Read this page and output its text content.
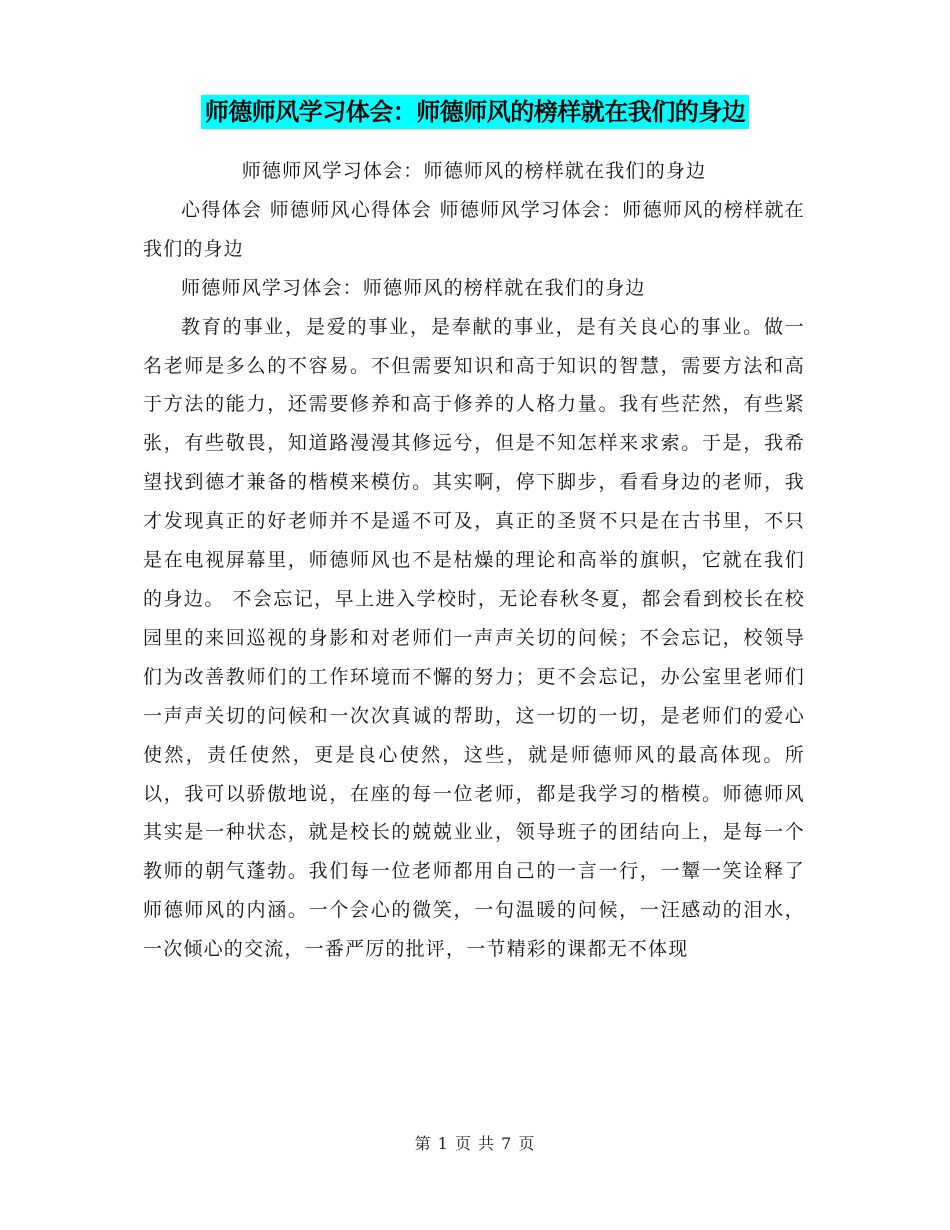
师德师风学习体会：师德师风的榜样就在我们的身边

师德师风学习体会：师德师风的榜样就在我们的身边

心得体会 师德师风心得体会 师德师风学习体会：师德师风的榜样就在我们的身边

师德师风学习体会：师德师风的榜样就在我们的身边

教育的事业，是爱的事业，是奉献的事业，是有关良心的事业。做一名老师是多么的不容易。不但需要知识和高于知识的智慧，需要方法和高于方法的能力，还需要修养和高于修养的人格力量。我有些茫然，有些紧张，有些敬畏，知道路漫漫其修远兮，但是不知怎样来求索。于是，我希望找到德才兼备的楷模来模仿。其实啊，停下脚步，看看身边的老师，我才发现真正的好老师并不是遥不可及，真正的圣贤不只是在古书里，不只是在电视屏幕里，师德师风也不是枯燥的理论和高举的旗帜，它就在我们的身边。 不会忘记，早上进入学校时，无论春秋冬夏，都会看到校长在校园里的来回巡视的身影和对老师们一声声关切的问候；不会忘记，校领导们为改善教师们的工作环境而不懈的努力；更不会忘记，办公室里老师们一声声关切的问候和一次次真诚的帮助，这一切的一切，是老师们的爱心使然，责任使然，更是良心使然，这些，就是师德师风的最高体现。所以，我可以骄傲地说，在座的每一位老师，都是我学习的楷模。师德师风其实是一种状态，就是校长的兢兢业业，领导班子的团结向上，是每一个教师的朝气蓬勃。我们每一位老师都用自己的一言一行，一颦一笑诠释了师德师风的内涵。一个会心的微笑，一句温暖的问候，一汪感动的泪水，一次倾心的交流，一番严厉的批评，一节精彩的课都无不体现

第 1 页 共 7 页
